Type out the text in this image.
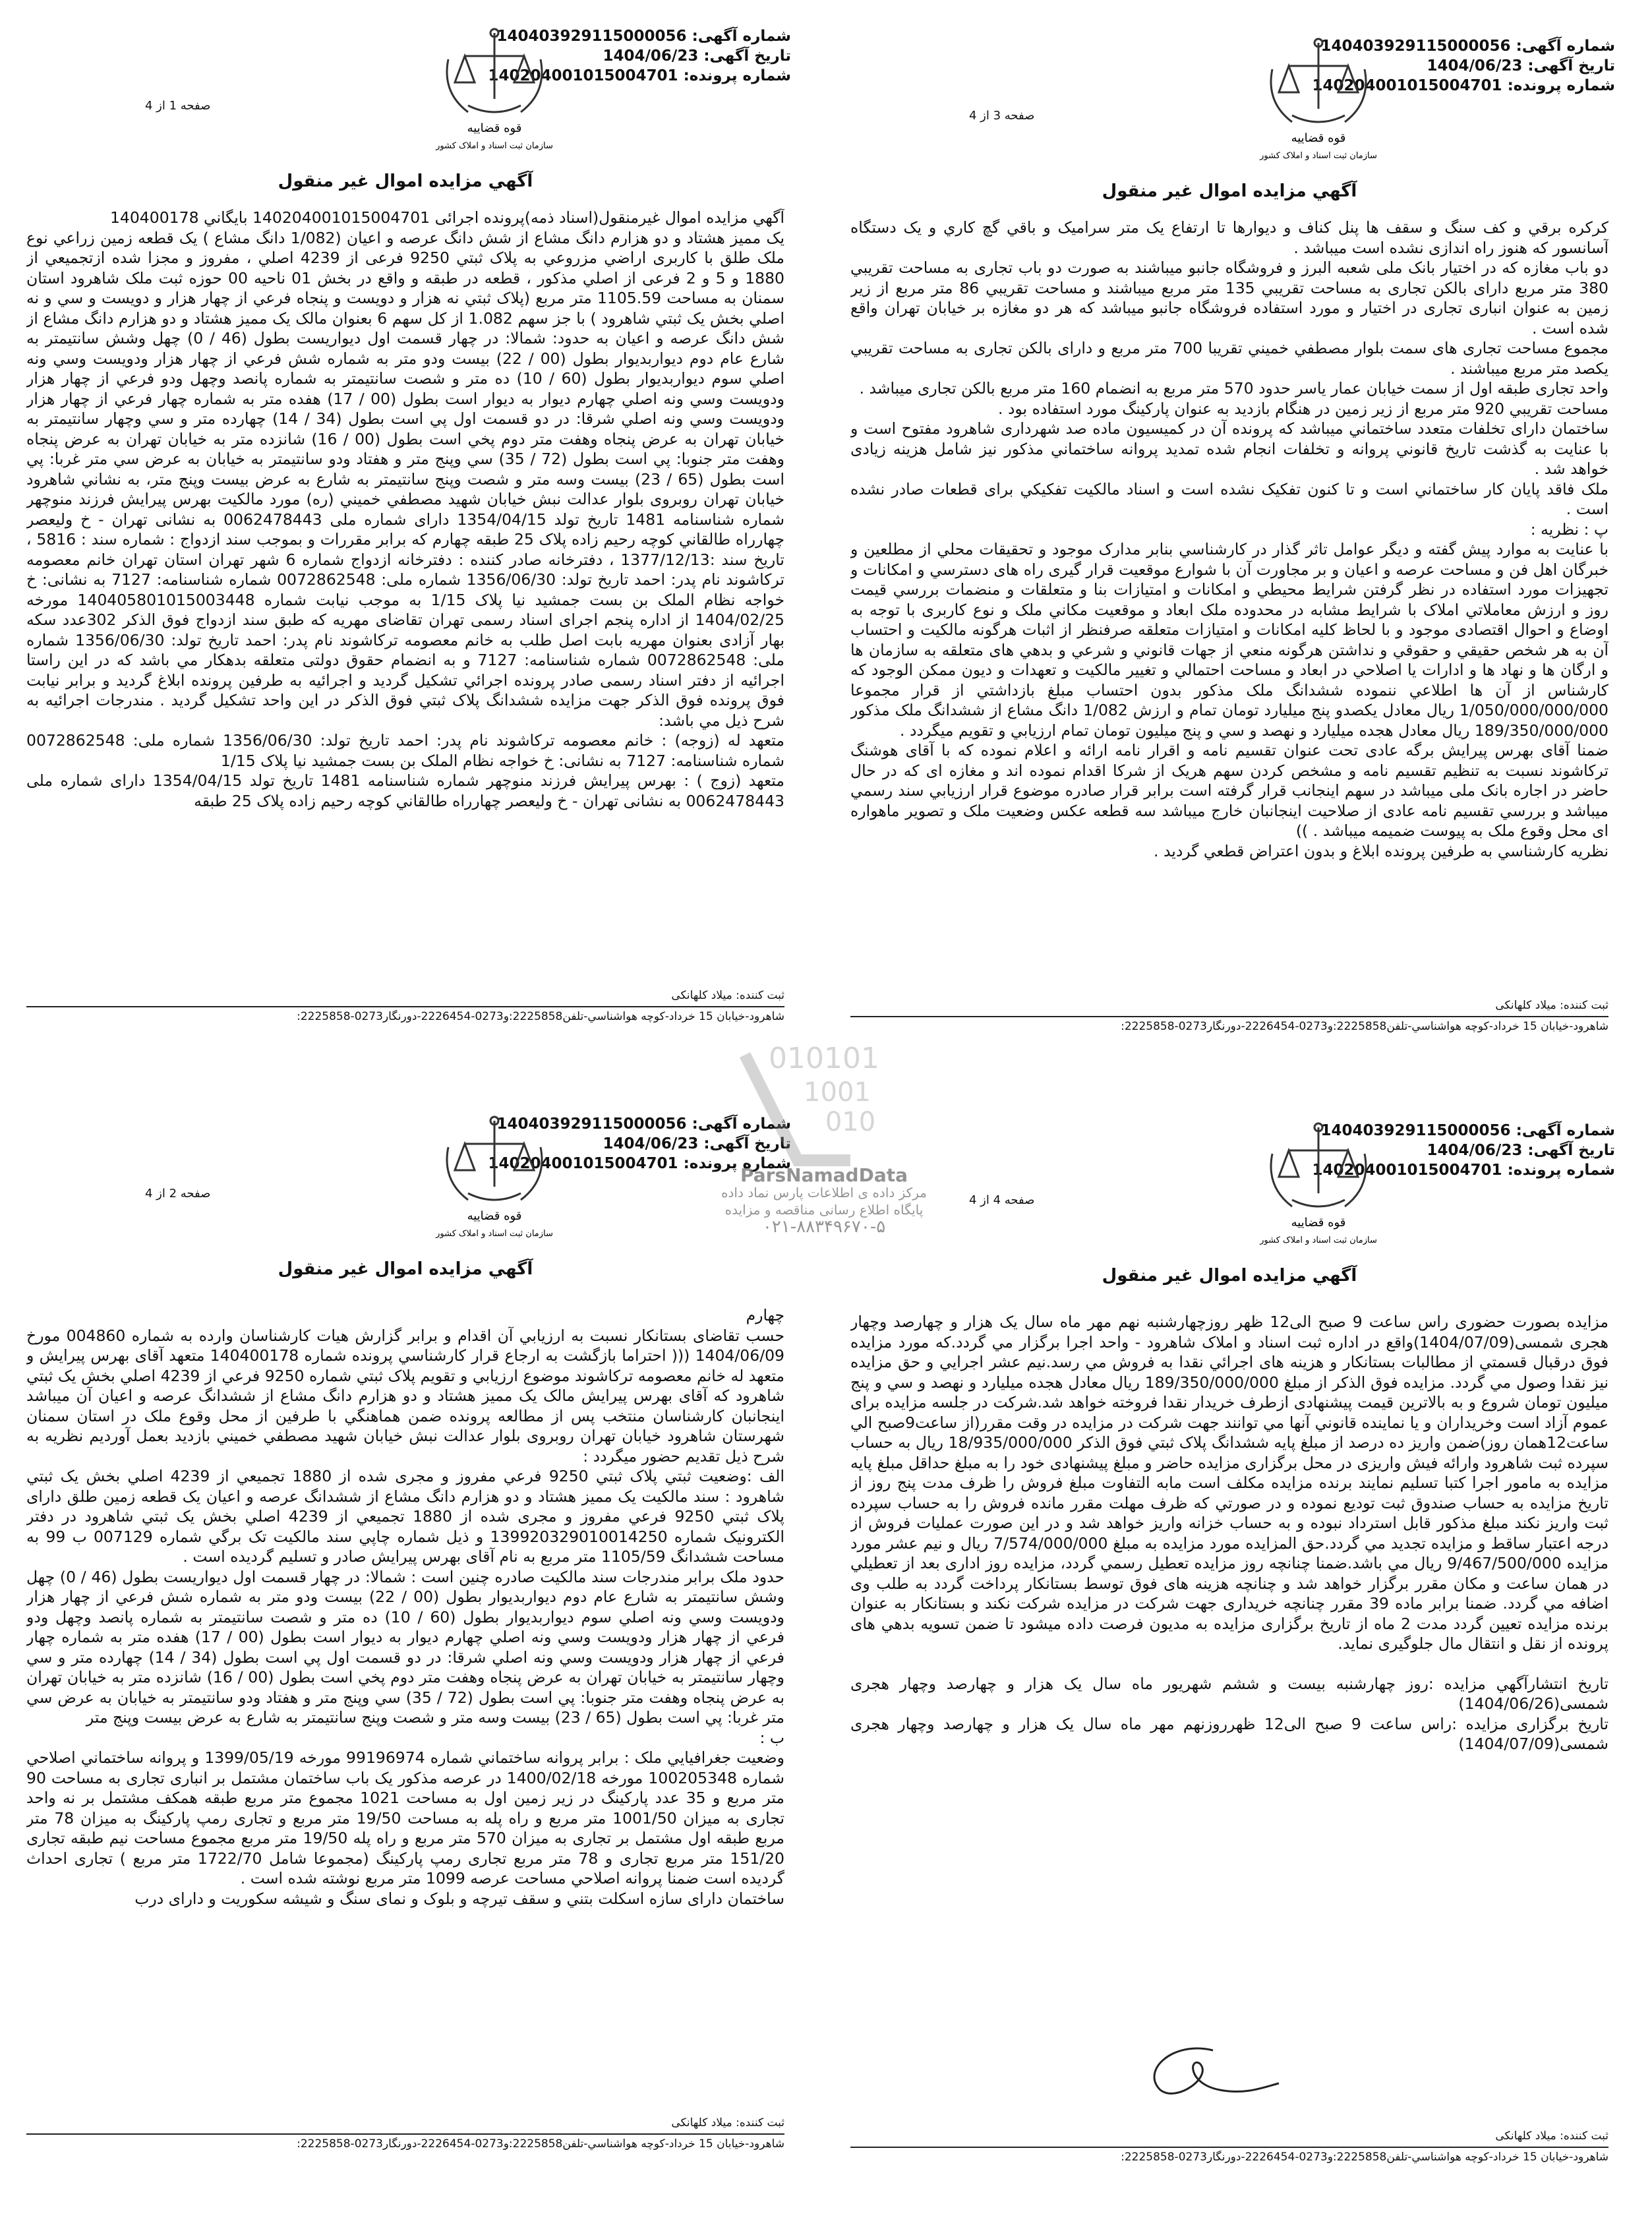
شماره آگهی: 140403929115000056
تاریخ آگهی: 1404/06/23
شماره پرونده: 140204001015004701
قوه قضاییه
سازمان ثبت اسناد و املاک کشور
صفحه 1 از 4
آگهي مزايده اموال غير منقول

آگهي مزايده اموال غيرمنقول(اسناد ذمه)پرونده اجرائی 140204001015004701 بايگاني 140400178

يک ممیز هشتاد و دو هزارم دانگ مشاع از شش دانگ عرصه و اعیان (1/082 دانگ مشاع ) يک قطعه زمين زراعي نوع ملک طلق با کاربری اراضي مزروعي به پلاک ثبتي 9250 فرعی از 4239 اصلي ، مفروز و مجزا شده ازتجميعي از 1880 و 5 و 2 فرعی از اصلي مذکور ، قطعه در طبقه و واقع در بخش 01 ناحيه 00 حوزه ثبت ملک شاهرود استان سمنان به مساحت 1105.59 متر مربع (پلاک ثبتي نه هزار و دويست و پنجاه فرعي از چهار هزار و دويست و سي و نه اصلي بخش يک ثبتي شاهرود ) با جز سهم 1.082 از کل سهم 6 بعنوان مالک يک مميز هشتاد و دو هزارم دانگ مشاع از شش دانگ عرصه و اعيان به حدود: شمالا: در چهار قسمت اول ديواريست بطول (46 / 0) چهل وشش سانتيمتر به شارع عام دوم ديواربديوار بطول (00 / 22) بيست ودو متر به شماره شش فرعي از چهار هزار ودويست وسي ونه اصلي سوم ديواربديوار بطول (60 / 10) ده متر و شصت سانتيمتر به شماره پانصد وچهل ودو فرعي از چهار هزار ودويست وسي ونه اصلي چهارم ديوار به ديوار است بطول (00 / 17) هفده متر به شماره چهار فرعي از چهار هزار ودويست وسي ونه اصلي شرقا: در دو قسمت اول پي است بطول (34 / 14) چهارده متر و سي وچهار سانتيمتر به خيابان تهران به عرض پنجاه وهفت متر دوم پخي است بطول (00 / 16) شانزده متر به خيابان تهران به عرض پنجاه وهفت متر جنوبا: پي است بطول (72 / 35) سي وپنج متر و هفتاد ودو سانتيمتر به خيابان به عرض سي متر غربا: پي است بطول (65 / 23) بيست وسه متر و شصت وپنج سانتيمتر به شارع به عرض بيست وپنج متر، به نشاني شاهرود خيابان تهران روبروی بلوار عدالت نبش خيابان شهيد مصطفي خميني (ره) مورد مالکيت بهرس پيرايش فرزند منوچهر شماره شناسنامه 1481 تاريخ تولد 1354/04/15 دارای شماره ملی 0062478443 به نشانی تهران - خ وليعصر چهارراه طالقاني کوچه رحيم زاده پلاک 25 طبقه چهارم که برابر مقررات و بموجب سند ازدواج : شماره سند : 5816 ، تاريخ سند :1377/12/13 ، دفترخانه صادر کننده : دفترخانه ازدواج شماره 6 شهر تهران استان تهران خانم معصومه ترکاشوند نام پدر: احمد تاريخ تولد: 1356/06/30 شماره ملی: 0072862548 شماره شناسنامه: 7127 به نشانی: خ خواجه نظام الملک بن بست جمشيد نيا پلاک 1/15 به موجب نيابت شماره 140405801015003448 مورخه 1404/02/25 از اداره پنجم اجرای اسناد رسمی تهران تقاضای مهريه که طبق سند ازدواج فوق الذکر 302عدد سکه بهار آزادی بعنوان مهريه بابت اصل طلب به خانم معصومه ترکاشوند نام پدر: احمد تاريخ تولد: 1356/06/30 شماره ملی: 0072862548 شماره شناسنامه: 7127 و به انضمام حقوق دولتی متعلقه بدهکار مي باشد که در اين راستا اجرائيه از دفتر اسناد رسمی صادر پرونده اجرائي تشکيل گرديد و اجرائيه به طرفين پرونده ابلاغ گرديد و برابر نيابت فوق پرونده فوق الذکر جهت مزايده ششدانگ پلاک ثبتي فوق الذکر در اين واحد تشکيل گرديد . مندرجات اجرائيه به شرح ذيل مي باشد:

متعهد له (زوجه) : خانم معصومه ترکاشوند نام پدر: احمد تاريخ تولد: 1356/06/30 شماره ملی: 0072862548 شماره شناسنامه: 7127 به نشانی: خ خواجه نظام الملک بن بست جمشيد نيا پلاک 1/15

متعهد (زوج ) : بهرس پيرايش فرزند منوچهر شماره شناسنامه 1481 تاريخ تولد 1354/04/15 دارای شماره ملی 0062478443 به نشانی تهران - خ وليعصر چهارراه طالقاني کوچه رحيم زاده پلاک 25 طبقه

ثبت کننده: میلاد کلهانکی
شاهرود-خیابان 15 خرداد-کوچه هواشناسي-تلفن2225858:و0273-2226454-دورنگار0273-2225858:
شماره آگهی: 140403929115000056
تاریخ آگهی: 1404/06/23
شماره پرونده: 140204001015004701
قوه قضاییه
سازمان ثبت اسناد و املاک کشور
صفحه 3 از 4
آگهي مزايده اموال غير منقول

کرکره برقي و کف سنگ و سقف ها پنل کناف و ديوارها تا ارتفاع يک متر سراميک و باقي گچ کاري و يک دستگاه آسانسور که هنوز راه اندازی نشده است ميباشد .

دو باب مغازه که در اختيار بانک ملی شعبه البرز و فروشگاه جانبو ميباشند به صورت دو باب تجاری به مساحت تقريبي 380 متر مربع دارای بالکن تجاری به مساحت تقريبي 135 متر مربع ميباشند و مساحت تقريبي 86 متر مربع از زير زمين به عنوان انباری تجاری در اختيار و مورد استفاده فروشگاه جانبو ميباشد که هر دو مغازه بر خيابان تهران واقع شده است .

مجموع مساحت تجاری های سمت بلوار مصطفي خميني تقريبا 700 متر مربع و دارای بالکن تجاری به مساحت تقريبي يکصد متر مربع ميباشند .

واحد تجاری طبقه اول از سمت خيابان عمار ياسر حدود 570 متر مربع به انضمام 160 متر مربع بالکن تجاری ميباشد .

مساحت تقريبي 920 متر مربع از زير زمين در هنگام بازديد به عنوان پارکينگ مورد استفاده بود .

ساختمان دارای تخلفات متعدد ساختماني ميباشد که پرونده آن در کميسيون ماده صد شهرداری شاهرود مفتوح است و با عنايت به گذشت تاريخ قانوني پروانه و تخلفات انجام شده تمديد پروانه ساختماني مذکور نيز شامل هزينه زيادی خواهد شد .

ملک فاقد پايان کار ساختماني است و تا کنون تفکيک نشده است و اسناد مالکيت تفکيکي برای قطعات صادر نشده است .

پ : نظريه :

با عنايت به موارد پيش گفته و ديگر عوامل تاثر گذار در کارشناسي بنابر مدارک موجود و تحقيقات محلي از مطلعين و خبرگان اهل فن و مساحت عرصه و اعيان و بر مجاورت آن با شوارع موقعيت قرار گيری راه های دسترسي و امکانات و تجهيزات مورد استفاده در نظر گرفتن شرايط محيطي و امکانات و امتيازات بنا و متعلقات و منضمات بررسي قيمت روز و ارزش معاملاتي املاک با شرايط مشابه در محدوده ملک ابعاد و موقعيت مکاني ملک و نوع کاربری با توجه به اوضاع و احوال اقتصادی موجود و با لحاظ کليه امکانات و امتيازات متعلقه صرفنظر از اثبات هرگونه مالکيت و احتساب آن به هر شخص حقيقي و حقوقي و نداشتن هرگونه منعي از جهات قانوني و شرعي و بدهي های متعلقه به سازمان ها و ارگان ها و نهاد ها و ادارات يا اصلاحي در ابعاد و مساحت احتمالي و تغيير مالکيت و تعهدات و ديون ممکن الوجود که کارشناس از آن ها اطلاعي ننموده ششدانگ ملک مذکور بدون احتساب مبلغ بازداشتي از قرار مجموعا 1/050/000/000/000 ريال معادل يکصدو پنج ميليارد تومان تمام و ارزش 1/082 دانگ مشاع از ششدانگ ملک مذکور 189/350/000/000 ريال معادل هجده ميليارد و نهصد و سي و پنج ميليون تومان تمام ارزيابي و تقويم ميگردد .

ضمنا آقای بهرس پيرايش برگه عادی تحت عنوان تقسيم نامه و اقرار نامه ارائه و اعلام نموده که با آقای هوشنگ ترکاشوند نسبت به تنظيم تقسيم نامه و مشخص کردن سهم هريک از شرکا اقدام نموده اند و مغازه ای که در حال حاضر در اجاره بانک ملی ميباشد در سهم اينجانب قرار گرفته است برابر قرار صادره موضوع قرار ارزيابي سند رسمي ميباشد و بررسي تقسيم نامه عادی از صلاحيت اينجانبان خارج ميباشد سه قطعه عکس وضعيت ملک و تصوير ماهواره ای محل وقوع ملک به پيوست ضميمه ميباشد . ))

نظريه کارشناسي به طرفين پرونده ابلاغ و بدون اعتراض قطعي گرديد .

ثبت کننده: میلاد کلهانکی
شاهرود-خیابان 15 خرداد-کوچه هواشناسي-تلفن2225858:و0273-2226454-دورنگار0273-2225858:
شماره آگهی: 140403929115000056
تاریخ آگهی: 1404/06/23
شماره پرونده: 140204001015004701
قوه قضاییه
سازمان ثبت اسناد و املاک کشور
صفحه 2 از 4
آگهي مزايده اموال غير منقول

چهارم

حسب تقاضای بستانکار نسبت به ارزيابي آن اقدام و برابر گزارش هيات کارشناسان وارده به شماره 004860 مورخ 1404/06/09 ((( احتراما بازگشت به ارجاع قرار کارشناسي پرونده شماره 140400178 متعهد آقای بهرس پيرايش و متعهد له خانم معصومه ترکاشوند موضوع ارزيابي و تقويم پلاک ثبتي شماره 9250 فرعي از 4239 اصلي بخش يک ثبتي شاهرود که آقای بهرس پيرايش مالک يک مميز هشتاد و دو هزارم دانگ مشاع از ششدانگ عرصه و اعيان آن ميباشد اينجانبان کارشناسان منتخب پس از مطالعه پرونده ضمن هماهنگي با طرفين از محل وقوع ملک در استان سمنان شهرستان شاهرود خيابان تهران روبروی بلوار عدالت نبش خيابان شهيد مصطفي خميني بازديد بعمل آورديم نظريه به شرح ذيل تقديم حضور ميگردد :

الف :وضعيت ثبتي پلاک ثبتي 9250 فرعي مفروز و مجری شده از 1880 تجميعي از 4239 اصلي بخش يک ثبتي شاهرود : سند مالکيت يک مميز هشتاد و دو هزارم دانگ مشاع از ششدانگ عرصه و اعيان يک قطعه زمين طلق دارای پلاک ثبتي 9250 فرعي مفروز و مجری شده از 1880 تجميعي از 4239 اصلي بخش يک ثبتي شاهرود در دفتر الکترونيک شماره 139920329010014250 و ذيل شماره چاپي سند مالکيت تک برگي شماره 007129 ب 99 به مساحت ششدانگ 1105/59 متر مربع به نام آقای بهرس پيرايش صادر و تسليم گرديده است .

حدود ملک برابر مندرجات سند مالکيت صادره چنين است : شمالا: در چهار قسمت اول ديواريست بطول (46 / 0) چهل وشش سانتيمتر به شارع عام دوم ديواربديوار بطول (00 / 22) بيست ودو متر به شماره شش فرعي از چهار هزار ودويست وسي ونه اصلي سوم ديواربديوار بطول (60 / 10) ده متر و شصت سانتيمتر به شماره پانصد وچهل ودو فرعي از چهار هزار ودويست وسي ونه اصلي چهارم ديوار به ديوار است بطول (00 / 17) هفده متر به شماره چهار فرعي از چهار هزار ودويست وسي ونه اصلي شرقا: در دو قسمت اول پي است بطول (34 / 14) چهارده متر و سي وچهار سانتيمتر به خيابان تهران به عرض پنجاه وهفت متر دوم پخي است بطول (00 / 16) شانزده متر به خيابان تهران به عرض پنجاه وهفت متر جنوبا: پي است بطول (72 / 35) سي وپنج متر و هفتاد ودو سانتيمتر به خيابان به عرض سي متر غربا: پي است بطول (65 / 23) بيست وسه متر و شصت وپنج سانتيمتر به شارع به عرض بيست وپنج متر

ب :

وضعيت جغرافيايي ملک : برابر پروانه ساختماني شماره 99196974 مورخه 1399/05/19 و پروانه ساختماني اصلاحي شماره 100205348 مورخه 1400/02/18 در عرصه مذکور يک باب ساختمان مشتمل بر انباری تجاری به مساحت 90 متر مربع و 35 عدد پارکينگ در زير زمين اول به مساحت 1021 مجموع متر مربع طبقه همکف مشتمل بر نه واحد تجاری به ميزان 1001/50 متر مربع و راه پله به مساحت 19/50 متر مربع و تجاری رمپ پارکينگ به ميزان 78 متر مربع طبقه اول مشتمل بر تجاری به ميزان 570 متر مربع و راه پله 19/50 متر مربع مجموع مساحت نيم طبقه تجاری 151/20 متر مربع تجاری و 78 متر مربع تجاری رمپ پارکينگ (مجموعا شامل 1722/70 متر مربع ) تجاری احداث گرديده است ضمنا پروانه اصلاحي مساحت عرصه 1099 متر مربع نوشته شده است .

ساختمان دارای سازه اسکلت بتني و سقف تيرچه و بلوک و نمای سنگ و شيشه سکوريت و دارای درب

ثبت کننده: میلاد کلهانکی
شاهرود-خیابان 15 خرداد-کوچه هواشناسي-تلفن2225858:و0273-2226454-دورنگار0273-2225858:
شماره آگهی: 140403929115000056
تاریخ آگهی: 1404/06/23
شماره پرونده: 140204001015004701
قوه قضاییه
سازمان ثبت اسناد و املاک کشور
صفحه 4 از 4
آگهي مزايده اموال غير منقول

مزايده بصورت حضوری راس ساعت 9 صبح الی12 ظهر روزچهارشنبه نهم مهر ماه سال يک هزار و چهارصد وچهار هجری شمسی(1404/07/09)واقع در اداره ثبت اسناد و املاک شاهرود - واحد اجرا برگزار مي گردد.که مورد مزايده فوق درقبال قسمتي از مطالبات بستانکار و هزينه های اجرائي نقدا به فروش مي رسد.نيم عشر اجرايي و حق مزايده نيز نقدا وصول مي گردد. مزايده فوق الذکر از مبلغ 189/350/000/000 ريال معادل هجده ميليارد و نهصد و سي و پنج ميليون تومان شروع و به بالاترين قيمت پيشنهادی ازطرف خريدار نقدا فروخته خواهد شد.شرکت در جلسه مزايده برای عموم آزاد است وخريداران و يا نماينده قانوني آنها مي توانند جهت شرکت در مزايده در وقت مقرر(از ساعت9صبح الي ساعت12همان روز)ضمن واريز ده درصد از مبلغ پايه ششدانگ پلاک ثبتي فوق الذکر 18/935/000/000 ريال به حساب سپرده ثبت شاهرود وارائه فيش واريزی در محل برگزاری مزايده حاضر و مبلغ پيشنهادی خود را به مبلغ حداقل مبلغ پايه مزايده به مامور اجرا کتبا تسليم نمايند برنده مزايده مکلف است مابه التفاوت مبلغ فروش را ظرف مدت پنج روز از تاريخ مزايده به حساب صندوق ثبت توديع نموده و در صورتي که ظرف مهلت مقرر مانده فروش را به حساب سپرده ثبت واريز نکند مبلغ مذکور قابل استرداد نبوده و به حساب خزانه واريز خواهد شد و در اين صورت عمليات فروش از درجه اعتبار ساقط و مزايده تجديد مي گردد.حق المزايده مورد مزايده به مبلغ 7/574/000/000 ريال و نيم عشر مورد مزايده 9/467/500/000 ريال مي باشد.ضمنا چنانچه روز مزايده تعطيل رسمي گردد، مزايده روز اداری بعد از تعطيلي در همان ساعت و مکان مقرر برگزار خواهد شد و چنانچه هزينه های فوق توسط بستانکار پرداخت گردد به طلب وی اضافه مي گردد. ضمنا برابر ماده 39 مقرر چنانچه خريداری جهت شرکت در مزايده شرکت نکند و بستانکار به عنوان برنده مزايده تعيين گردد مدت 2 ماه از تاريخ برگزاری مزايده به مديون فرصت داده ميشود تا ضمن تسويه بدهي های پرونده از نقل و انتقال مال جلوگيری نمايد.

تاريخ انتشارآگهي مزايده :روز چهارشنبه بيست و ششم شهريور ماه سال يک هزار و چهارصد وچهار هجری شمسی(1404/06/26)

تاريخ برگزاری مزايده :راس ساعت 9 صبح الی12 ظهرروزنهم مهر ماه سال يک هزار و چهارصد وچهار هجری شمسی(1404/07/09)

ثبت کننده: میلاد کلهانکی
شاهرود-خیابان 15 خرداد-کوچه هواشناسي-تلفن2225858:و0273-2226454-دورنگار0273-2225858:
010101
1001
010
ParsNamadData
مرکز داده ی اطلاعات پارس نماد داده
پایگاه اطلاع رسانی مناقصه و مزایده
۰۲۱-۸۸۳۴۹۶۷۰-۵
